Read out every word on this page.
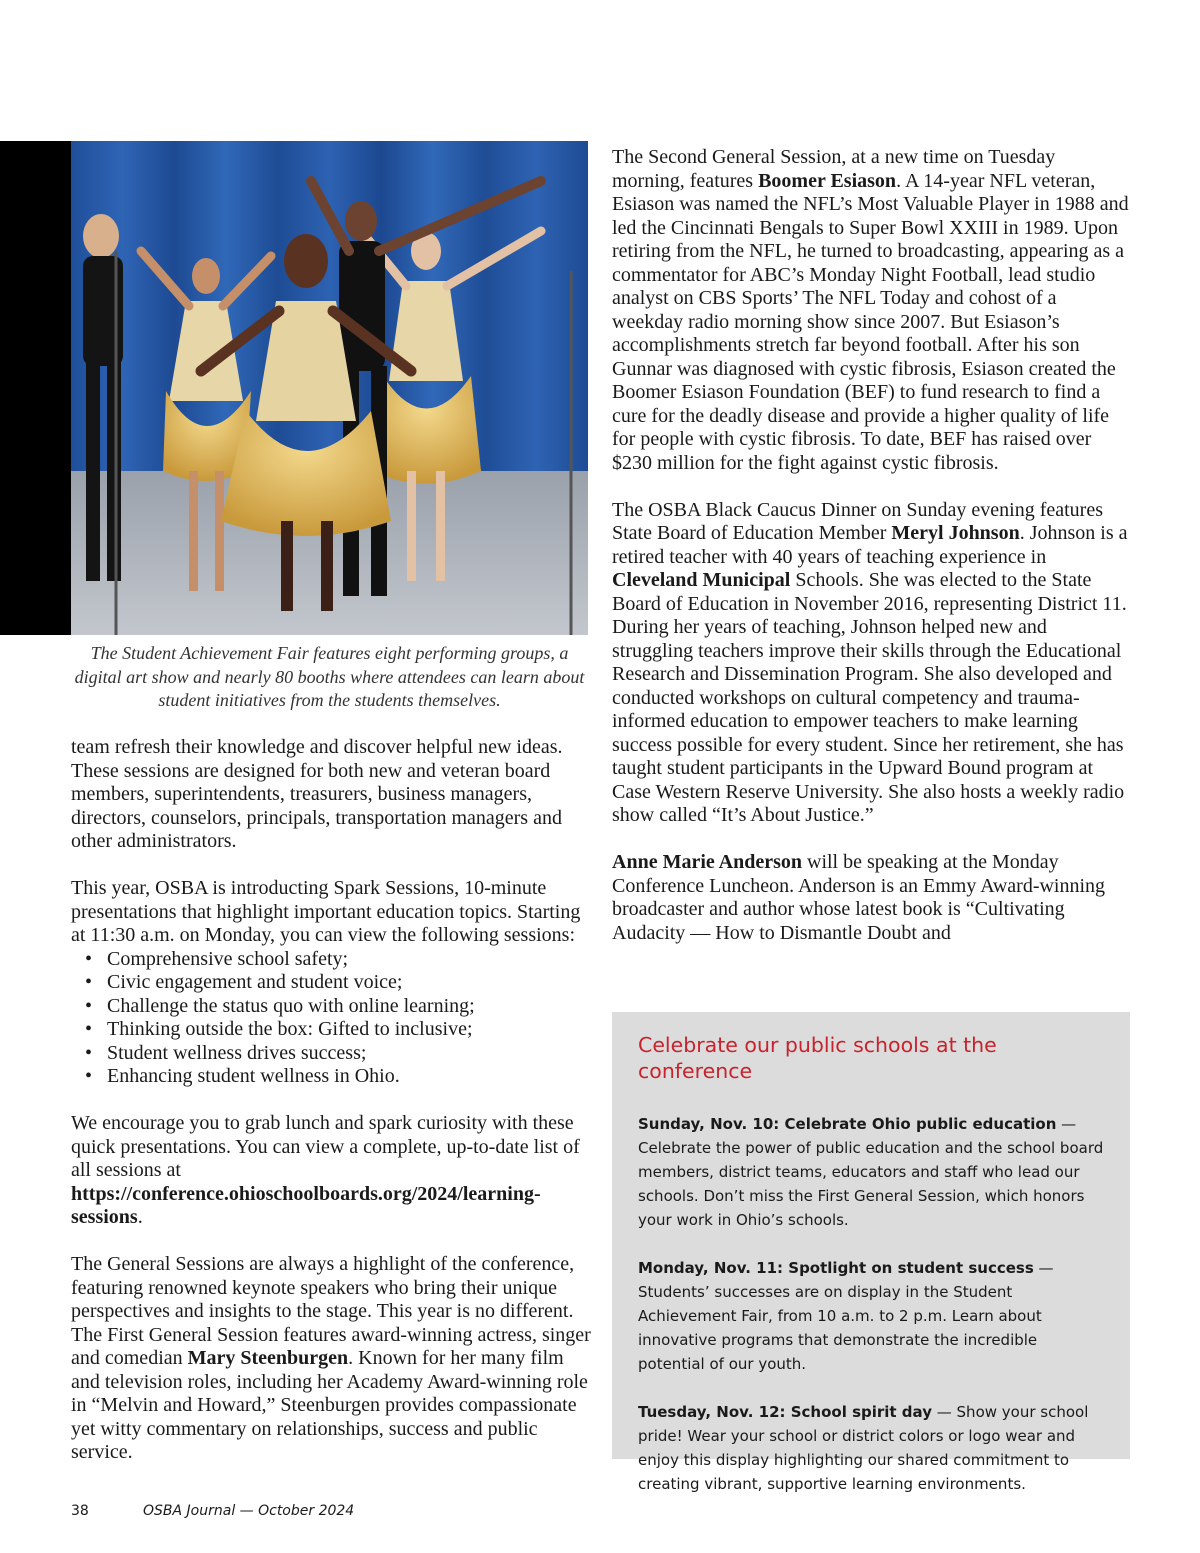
The Student Achievement Fair features eight performing groups, a digital art show and nearly 80 booths where attendees can learn about student initiatives from the students themselves.

team refresh their knowledge and discover helpful new ideas. These sessions are designed for both new and veteran board members, superintendents, treasurers, business managers, directors, counselors, principals, transportation managers and other administrators.

This year, OSBA is introducting Spark Sessions, 10-minute presentations that highlight important education topics. Starting at 11:30 a.m. on Monday, you can view the following sessions:

• Comprehensive school safety;
• Civic engagement and student voice;
• Challenge the status quo with online learning;
• Thinking outside the box: Gifted to inclusive;
• Student wellness drives success;
• Enhancing student wellness in Ohio.

We encourage you to grab lunch and spark curiosity with these quick presentations. You can view a complete, up-to-date list of all sessions at https://conference.ohioschoolboards.org/2024/learning-sessions.

The General Sessions are always a highlight of the conference, featuring renowned keynote speakers who bring their unique perspectives and insights to the stage. This year is no different. The First General Session features award-winning actress, singer and comedian Mary Steenburgen. Known for her many film and television roles, including her Academy Award-winning role in “Melvin and Howard,” Steenburgen provides compassionate yet witty commentary on relationships, success and public service.

The Second General Session, at a new time on Tuesday morning, features Boomer Esiason. A 14-year NFL veteran, Esiason was named the NFL’s Most Valuable Player in 1988 and led the Cincinnati Bengals to Super Bowl XXIII in 1989. Upon retiring from the NFL, he turned to broadcasting, appearing as a commentator for ABC’s Monday Night Football, lead studio analyst on CBS Sports’ The NFL Today and cohost of a weekday radio morning show since 2007. But Esiason’s accomplishments stretch far beyond football. After his son Gunnar was diagnosed with cystic fibrosis, Esiason created the Boomer Esiason Foundation (BEF) to fund research to find a cure for the deadly disease and provide a higher quality of life for people with cystic fibrosis. To date, BEF has raised over $230 million for the fight against cystic fibrosis.

The OSBA Black Caucus Dinner on Sunday evening features State Board of Education Member Meryl Johnson. Johnson is a retired teacher with 40 years of teaching experience in Cleveland Municipal Schools. She was elected to the State Board of Education in November 2016, representing District 11. During her years of teaching, Johnson helped new and struggling teachers improve their skills through the Educational Research and Dissemination Program. She also developed and conducted workshops on cultural competency and trauma-informed education to empower teachers to make learning success possible for every student. Since her retirement, she has taught student participants in the Upward Bound program at Case Western Reserve University. She also hosts a weekly radio show called “It’s About Justice.”

Anne Marie Anderson will be speaking at the Monday Conference Luncheon. Anderson is an Emmy Award-winning broadcaster and author whose latest book is “Cultivating Audacity — How to Dismantle Doubt and

Celebrate our public schools at the conference

Sunday, Nov. 10: Celebrate Ohio public education — Celebrate the power of public education and the school board members, district teams, educators and staff who lead our schools. Don’t miss the First General Session, which honors your work in Ohio’s schools.

Monday, Nov. 11: Spotlight on student success — Students’ successes are on display in the Student Achievement Fair, from 10 a.m. to 2 p.m. Learn about innovative programs that demonstrate the incredible potential of our youth.

Tuesday, Nov. 12: School spirit day — Show your school pride! Wear your school or district colors or logo wear and enjoy this display highlighting our shared commitment to creating vibrant, supportive learning environments.

38	OSBA Journal — October 2024
